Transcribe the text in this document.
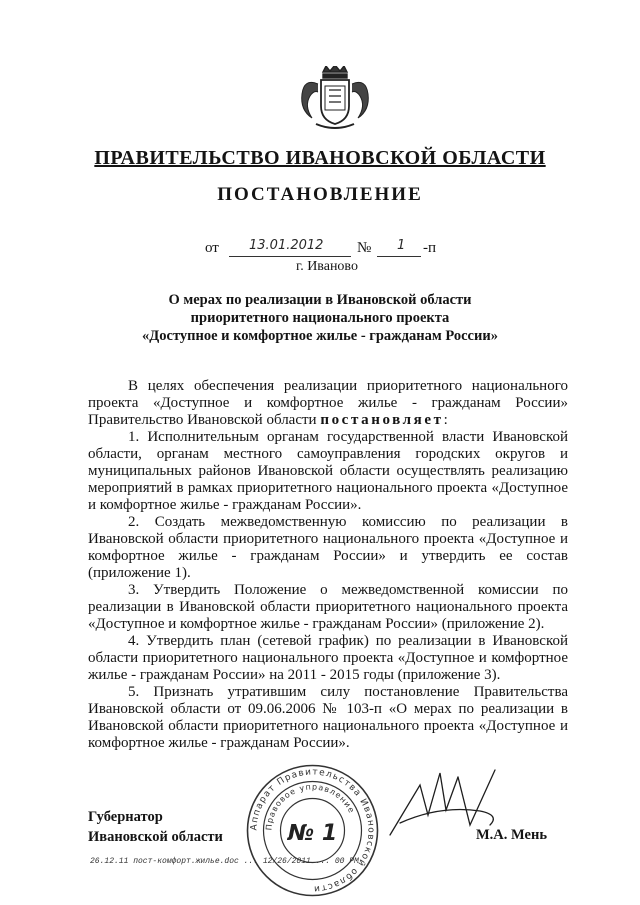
ПРАВИТЕЛЬСТВО ИВАНОВСКОЙ ОБЛАСТИ
ПОСТАНОВЛЕНИЕ
от 13.01.2012 № 1 -п
г. Иваново
О мерах по реализации в Ивановской области
приоритетного национального проекта
«Доступное и комфортное жилье - гражданам России»

В целях обеспечения реализации приоритетного национального проекта «Доступное и комфортное жилье - гражданам России» Правительство Ивановской области постановляет:

1. Исполнительным органам государственной власти Ивановской области, органам местного самоуправления городских округов и муниципальных районов Ивановской области осуществлять реализацию мероприятий в рамках приоритетного национального проекта «Доступное и комфортное жилье - гражданам России».

2. Создать межведомственную комиссию по реализации в Ивановской области приоритетного национального проекта «Доступное и комфортное жилье - гражданам России» и утвердить ее состав (приложение 1).

3. Утвердить Положение о межведомственной комиссии по реализации в Ивановской области приоритетного национального проекта «Доступное и комфортное жилье - гражданам России» (приложение 2).

4. Утвердить план (сетевой график) по реализации в Ивановской области приоритетного национального проекта «Доступное и комфортное жилье - гражданам России» на 2011 - 2015 годы (приложение 3).

5. Признать утратившим силу постановление Правительства Ивановской области от 09.06.2006 № 103-п «О мерах по реализации в Ивановской области приоритетного национального проекта «Доступное и комфортное жилье - гражданам России».

Аппарат Правительства Ивановской области
Правовое управление
№ 1
Губернатор
Ивановской области	М.А. Мень
26.12.11 пост-комфорт.жилье.doc ... 12/26/2011 ... 00 PM
